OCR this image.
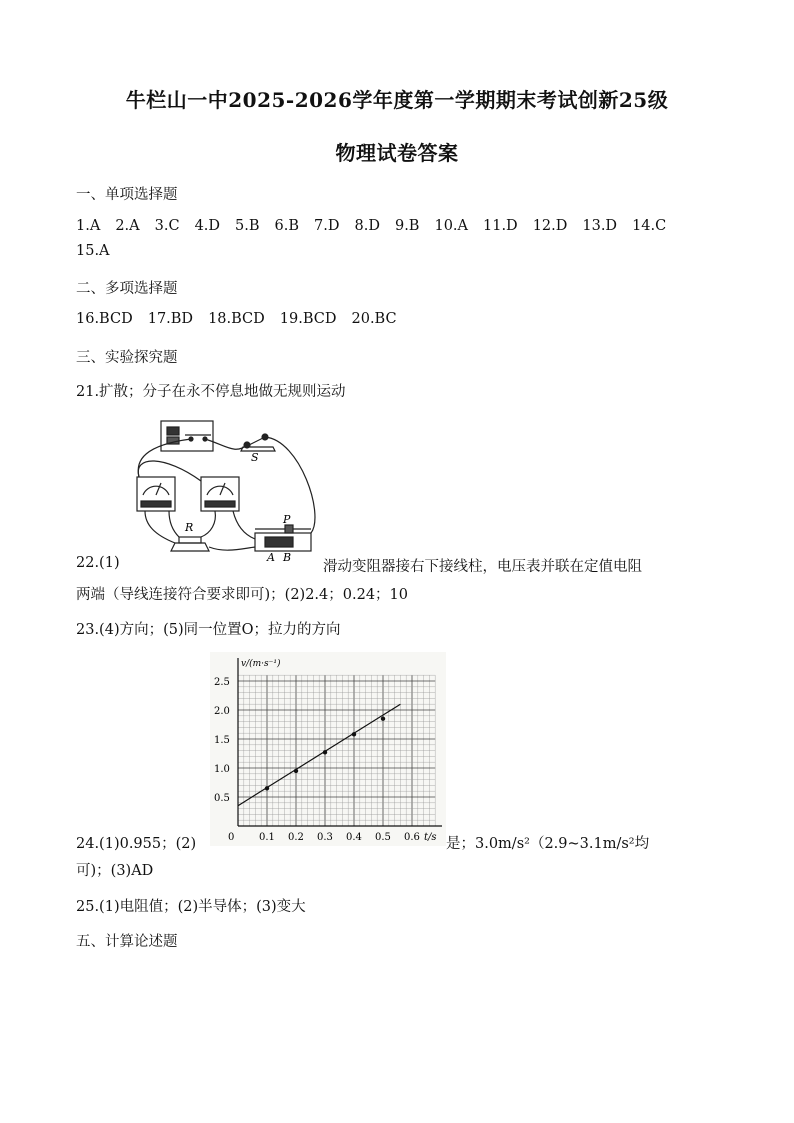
牛栏山一中2025-2026学年度第一学期期末考试创新25级
物理试卷答案
一、单项选择题
1.A 2.A 3.C 4.D 5.B 6.B 7.D 8.D 9.B 10.A 11.D 12.D 13.D 14.C
15.A
二、多项选择题
16.BCD 17.BD 18.BCD 19.BCD 20.BC
三、实验探究题
21.扩散；分子在永不停息地做无规则运动
S
R
P
A B
22.(1)	滑动变阻器接右下接线柱，电压表并联在定值电阻
两端（导线连接符合要求即可)；(2)2.4；0.24；10
23.(4)方向；(5)同一位置O；拉力的方向
v/(m·s⁻¹)
t/s
0
2.5
2.0
1.5
1.0
0.5
0.1 0.2 0.3 0.4 0.5 0.6
24.(1)0.955；(2)	是；3.0m/s²（2.9~3.1m/s²均
可)；(3)AD
25.(1)电阻值；(2)半导体；(3)变大
五、计算论述题
